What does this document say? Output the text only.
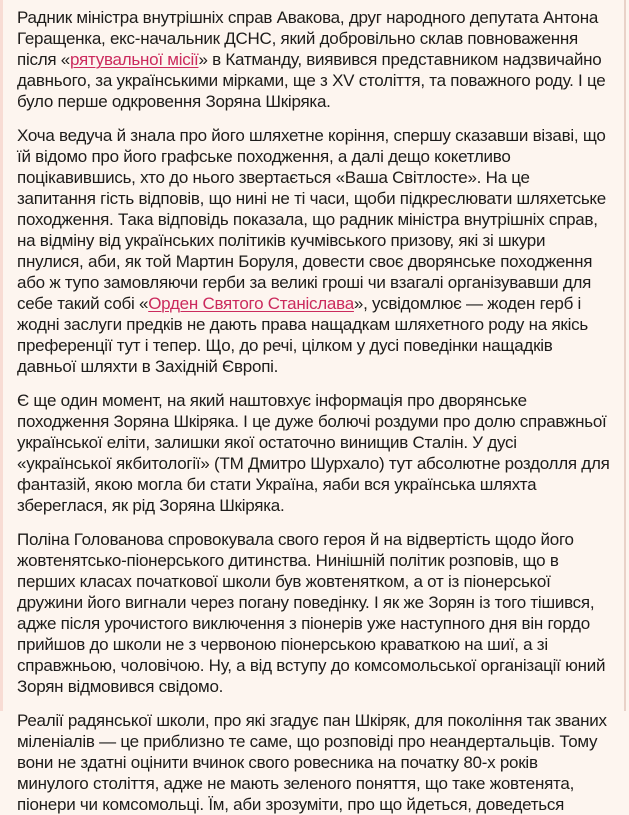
Радник міністра внутрішніх справ Авакова, друг народного депутата Антона Геращенка, екс-начальник ДСНС, який добровільно склав повноваження після «рятувальної місії» в Катманду, виявився представником надзвичайно давнього, за українськими мірками, ще з XV століття, та поважного роду. І це було перше одкровення Зоряна Шкіряка.

Хоча ведуча й знала про його шляхетне коріння, спершу сказавши візаві, що їй відомо про його графське походження, а далі дещо кокетливо поцікавившись, хто до нього звертається «Ваша Світлосте». На це запитання гість відповів, що нині не ті часи, щоби підкреслювати шляхетське походження. Така відповідь показала, що радник міністра внутрішніх справ, на відміну від українських політиків кучмівського призову, які зі шкури пнулися, аби, як той Мартин Боруля, довести своє дворянське походження або ж тупо замовляючи герби за великі гроші чи взагалі організувавши для себе такий собі «Орден Святого Станіслава», усвідомлює — жоден герб і жодні заслуги предків не дають права нащадкам шляхетного роду на якісь преференції тут і тепер. Що, до речі, цілком у дусі поведінки нащадків давньої шляхти в Західній Європі.

Є ще один момент, на який наштовхує інформація про дворянське походження Зоряна Шкіряка. І це дуже болючі роздуми про долю справжньої української еліти, залишки якої остаточно винищив Сталін. У дусі «української якбитології» (ТМ Дмитро Шурхало) тут абсолютне роздолля для фантазій, якою могла би стати Україна, яаби вся українська шляхта збереглася, як рід Зоряна Шкіряка.

Поліна Голованова спровокувала свого героя й на відвертість щодо його жовтенятсько-піонерського дитинства. Нинішній політик розповів, що в перших класах початкової школи був жовтенятком, а от із піонерської дружини його вигнали через погану поведінку. І як же Зорян із того тішився, адже після урочистого виключення з піонерів уже наступного дня він гордо прийшов до школи не з червоною піонерською краваткою на шиї, а зі справжньою, чоловічою. Ну, а від вступу до комсомольської організації юний Зорян відмовився свідомо.

Реалії радянської школи, про які згадує пан Шкіряк, для покоління так званих міленіалів — це приблизно те саме, що розповіді про неандертальців. Тому вони не здатні оцінити вчинок свого ровесника на початку 80-х років минулого століття, адже не мають зеленого поняття, що таке жовтенята, піонери чи комсомольці. Їм, аби зрозуміти, про що йдеться, доведеться
